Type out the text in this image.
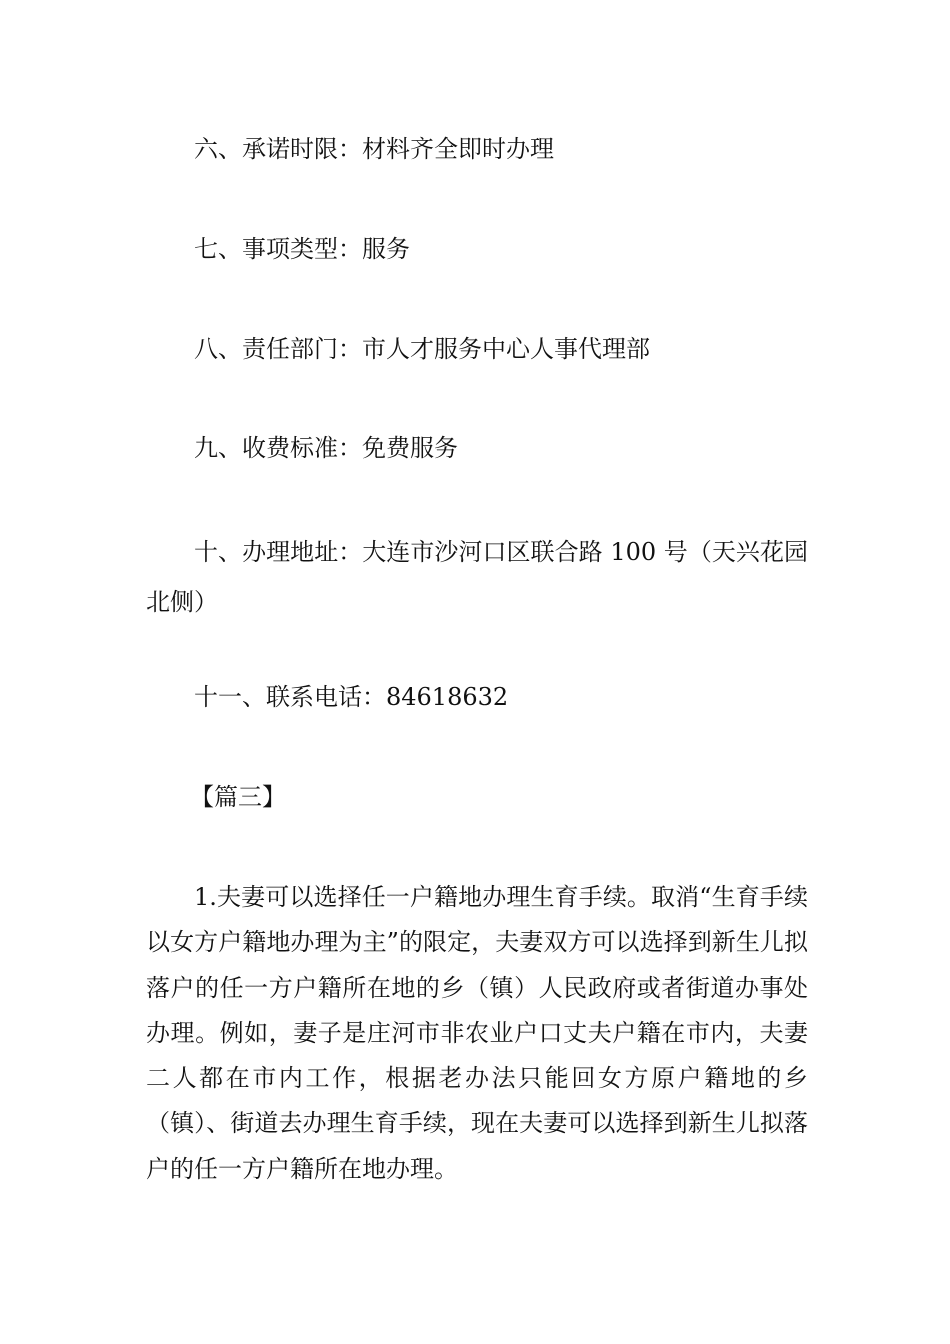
六、承诺时限：材料齐全即时办理
七、事项类型：服务
八、责任部门：市人才服务中心人事代理部
九、收费标准：免费服务

十、办理地址：大连市沙河口区联合路 100 号（天兴花园北侧）

十一、联系电话：84618632
【篇三】

1.夫妻可以选择任一户籍地办理生育手续。取消“生育手续以女方户籍地办理为主”的限定，夫妻双方可以选择到新生儿拟落户的任一方户籍所在地的乡（镇）人民政府或者街道办事处办理。例如，妻子是庄河市非农业户口丈夫户籍在市内，夫妻二人都在市内工作，根据老办法只能回女方原户籍地的乡（镇）、街道去办理生育手续，现在夫妻可以选择到新生儿拟落户的任一方户籍所在地办理。
